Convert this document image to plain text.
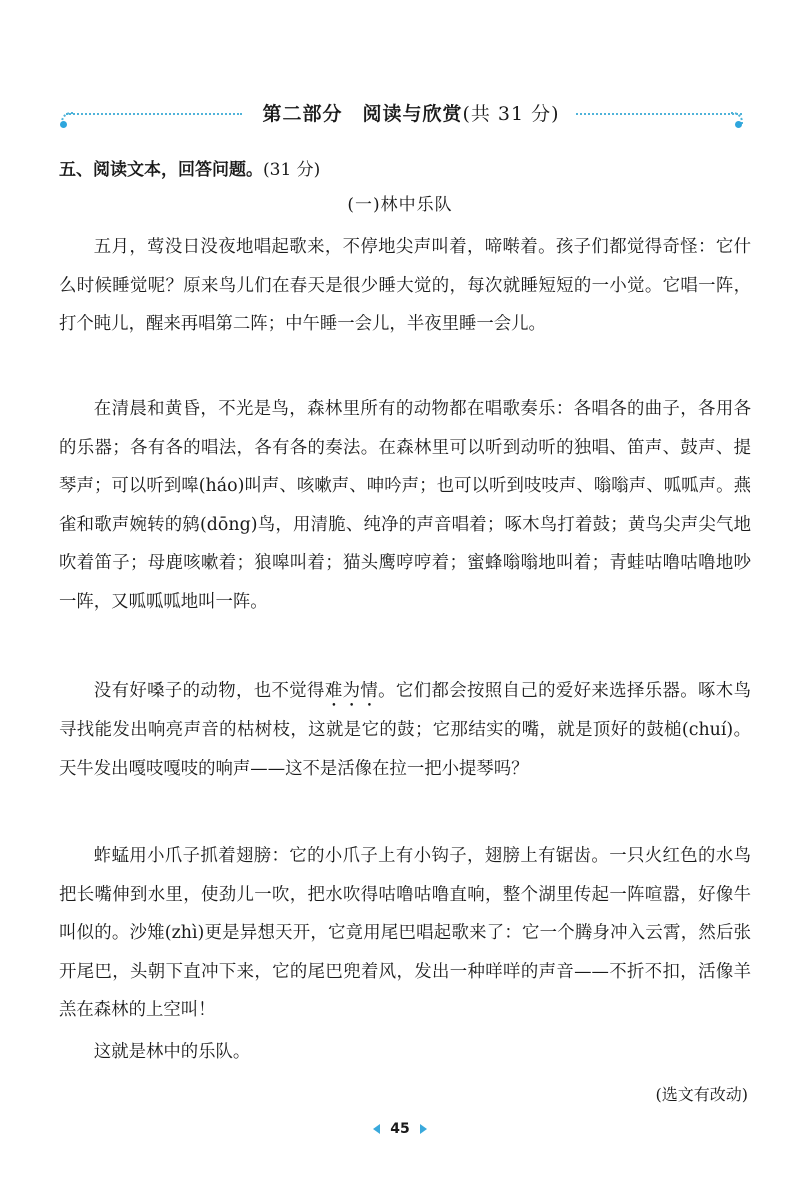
第二部分　阅读与欣赏(共 31 分)
五、阅读文本，回答问题。(31 分)
(一)林中乐队

五月，莺没日没夜地唱起歌来，不停地尖声叫着，啼啭着。孩子们都觉得奇怪：它什么时候睡觉呢？原来鸟儿们在春天是很少睡大觉的，每次就睡短短的一小觉。它唱一阵，打个盹儿，醒来再唱第二阵；中午睡一会儿，半夜里睡一会儿。

在清晨和黄昏，不光是鸟，森林里所有的动物都在唱歌奏乐：各唱各的曲子，各用各的乐器；各有各的唱法，各有各的奏法。在森林里可以听到动听的独唱、笛声、鼓声、提琴声；可以听到嗥(háo)叫声、咳嗽声、呻吟声；也可以听到吱吱声、嗡嗡声、呱呱声。燕雀和歌声婉转的鸫(dōng)鸟，用清脆、纯净的声音唱着；啄木鸟打着鼓；黄鸟尖声尖气地吹着笛子；母鹿咳嗽着；狼嗥叫着；猫头鹰哼哼着；蜜蜂嗡嗡地叫着；青蛙咕噜咕噜地吵一阵，又呱呱呱地叫一阵。

没有好嗓子的动物，也不觉得难为情。它们都会按照自己的爱好来选择乐器。啄木鸟寻找能发出响亮声音的枯树枝，这就是它的鼓；它那结实的嘴，就是顶好的鼓槌(chuí)。天牛发出嘎吱嘎吱的响声——这不是活像在拉一把小提琴吗？

蚱蜢用小爪子抓着翅膀：它的小爪子上有小钩子，翅膀上有锯齿。一只火红色的水鸟把长嘴伸到水里，使劲儿一吹，把水吹得咕噜咕噜直响，整个湖里传起一阵喧嚣，好像牛叫似的。沙雉(zhì)更是异想天开，它竟用尾巴唱起歌来了：它一个腾身冲入云霄，然后张开尾巴，头朝下直冲下来，它的尾巴兜着风，发出一种咩咩的声音——不折不扣，活像羊羔在森林的上空叫！

这就是林中的乐队。

(选文有改动)
45
